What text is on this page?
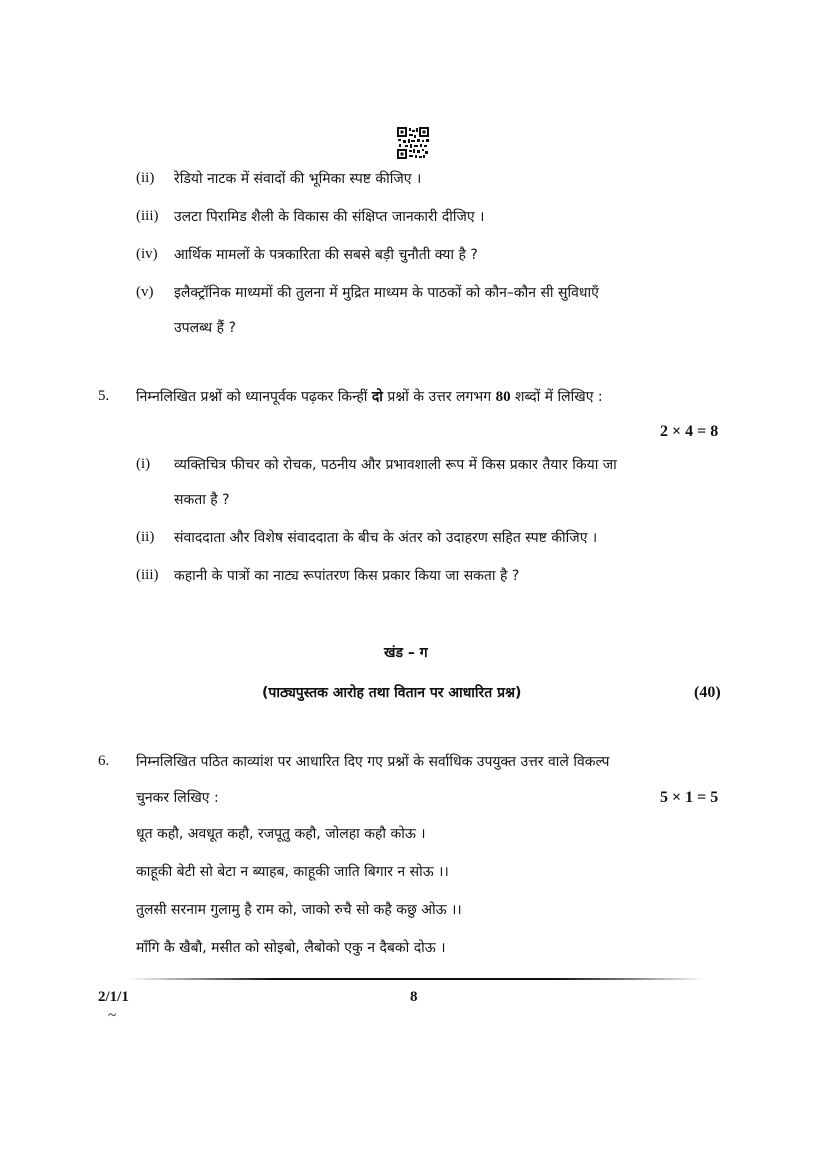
(ii) रेडियो नाटक में संवादों की भूमिका स्पष्ट कीजिए ।
(iii) उलटा पिरामिड शैली के विकास की संक्षिप्त जानकारी दीजिए ।
(iv) आर्थिक मामलों के पत्रकारिता की सबसे बड़ी चुनौती क्या है ?
(v) इलैक्ट्रॉनिक माध्यमों की तुलना में मुद्रित माध्यम के पाठकों को कौन–कौन सी सुविधाएँ
उपलब्ध हैं ?
5. निम्नलिखित प्रश्नों को ध्यानपूर्वक पढ़कर किन्हीं दो प्रश्नों के उत्तर लगभग 80 शब्दों में लिखिए :
2 × 4 = 8
(i) व्यक्तिचित्र फीचर को रोचक, पठनीय और प्रभावशाली रूप में किस प्रकार तैयार किया जा
सकता है ?
(ii) संवाददाता और विशेष संवाददाता के बीच के अंतर को उदाहरण सहित स्पष्ट कीजिए ।
(iii) कहानी के पात्रों का नाट्य रूपांतरण किस प्रकार किया जा सकता है ?
खंड – ग
(पाठ्यपुस्तक आरोह तथा वितान पर आधारित प्रश्न)	(40)
6. निम्नलिखित पठित काव्यांश पर आधारित दिए गए प्रश्नों के सर्वाधिक उपयुक्त उत्तर वाले विकल्प
चुनकर लिखिए :	5 × 1 = 5
धूत कहौ, अवधूत कहौ, रजपूतु कहौ, जोलहा कहौ कोऊ ।
काहूकी बेटी सो बेटा न ब्याहब, काहूकी जाति बिगार न सोऊ ।।
तुलसी सरनाम गुलामु है राम को, जाको रुचै सो कहै कछु ओऊ ।।
माँगि कै खैबौ, मसीत को सोइबो, लैबोको एकु न दैबको दोऊ ।
2/1/1	8
~
